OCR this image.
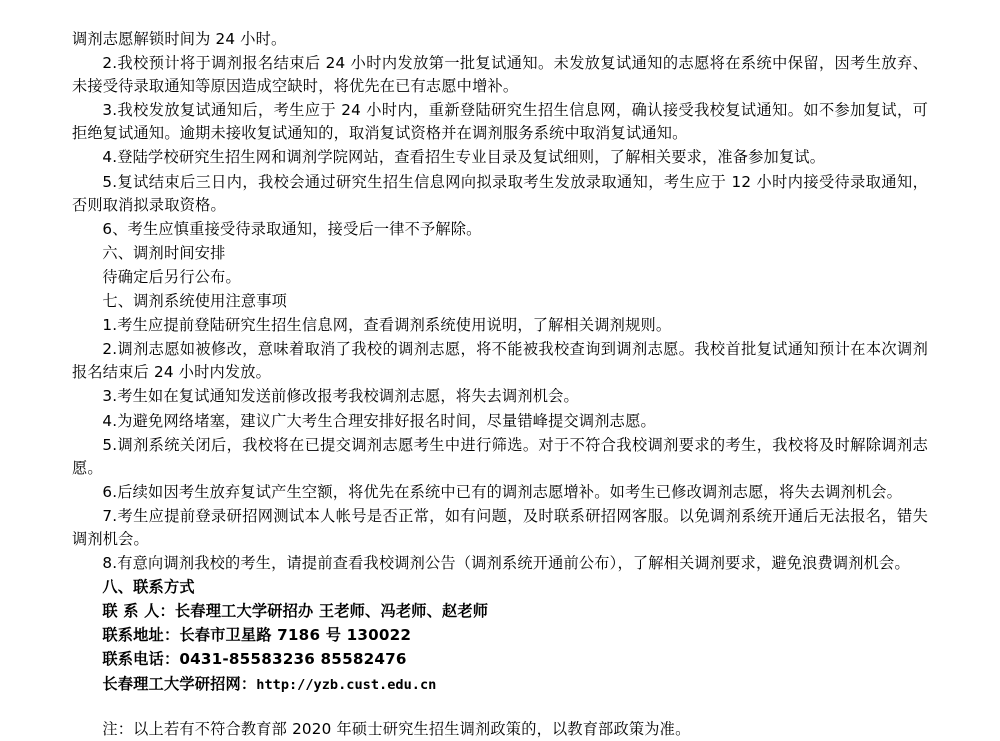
调剂志愿解锁时间为 24 小时。

2.我校预计将于调剂报名结束后 24 小时内发放第一批复试通知。未发放复试通知的志愿将在系统中保留，因考生放弃、未接受待录取通知等原因造成空缺时，将优先在已有志愿中增补。

3.我校发放复试通知后，考生应于 24 小时内，重新登陆研究生招生信息网，确认接受我校复试通知。如不参加复试，可拒绝复试通知。逾期未接收复试通知的，取消复试资格并在调剂服务系统中取消复试通知。

4.登陆学校研究生招生网和调剂学院网站，查看招生专业目录及复试细则，了解相关要求，准备参加复试。

5.复试结束后三日内，我校会通过研究生招生信息网向拟录取考生发放录取通知，考生应于 12 小时内接受待录取通知，否则取消拟录取资格。

6、考生应慎重接受待录取通知，接受后一律不予解除。

六、调剂时间安排

待确定后另行公布。

七、调剂系统使用注意事项

1.考生应提前登陆研究生招生信息网，查看调剂系统使用说明，了解相关调剂规则。

2.调剂志愿如被修改，意味着取消了我校的调剂志愿，将不能被我校查询到调剂志愿。我校首批复试通知预计在本次调剂报名结束后 24 小时内发放。

3.考生如在复试通知发送前修改报考我校调剂志愿，将失去调剂机会。

4.为避免网络堵塞，建议广大考生合理安排好报名时间，尽量错峰提交调剂志愿。

5.调剂系统关闭后，我校将在已提交调剂志愿考生中进行筛选。对于不符合我校调剂要求的考生，我校将及时解除调剂志愿。

6.后续如因考生放弃复试产生空额，将优先在系统中已有的调剂志愿增补。如考生已修改调剂志愿，将失去调剂机会。

7.考生应提前登录研招网测试本人帐号是否正常，如有问题，及时联系研招网客服。以免调剂系统开通后无法报名，错失调剂机会。

8.有意向调剂我校的考生，请提前查看我校调剂公告（调剂系统开通前公布），了解相关调剂要求，避免浪费调剂机会。

八、联系方式

联 系 人：长春理工大学研招办 王老师、冯老师、赵老师

联系地址：长春市卫星路 7186 号 130022

联系电话：0431-85583236 85582476

长春理工大学研招网：http://yzb.cust.edu.cn

注：以上若有不符合教育部 2020 年硕士研究生招生调剂政策的，以教育部政策为准。
